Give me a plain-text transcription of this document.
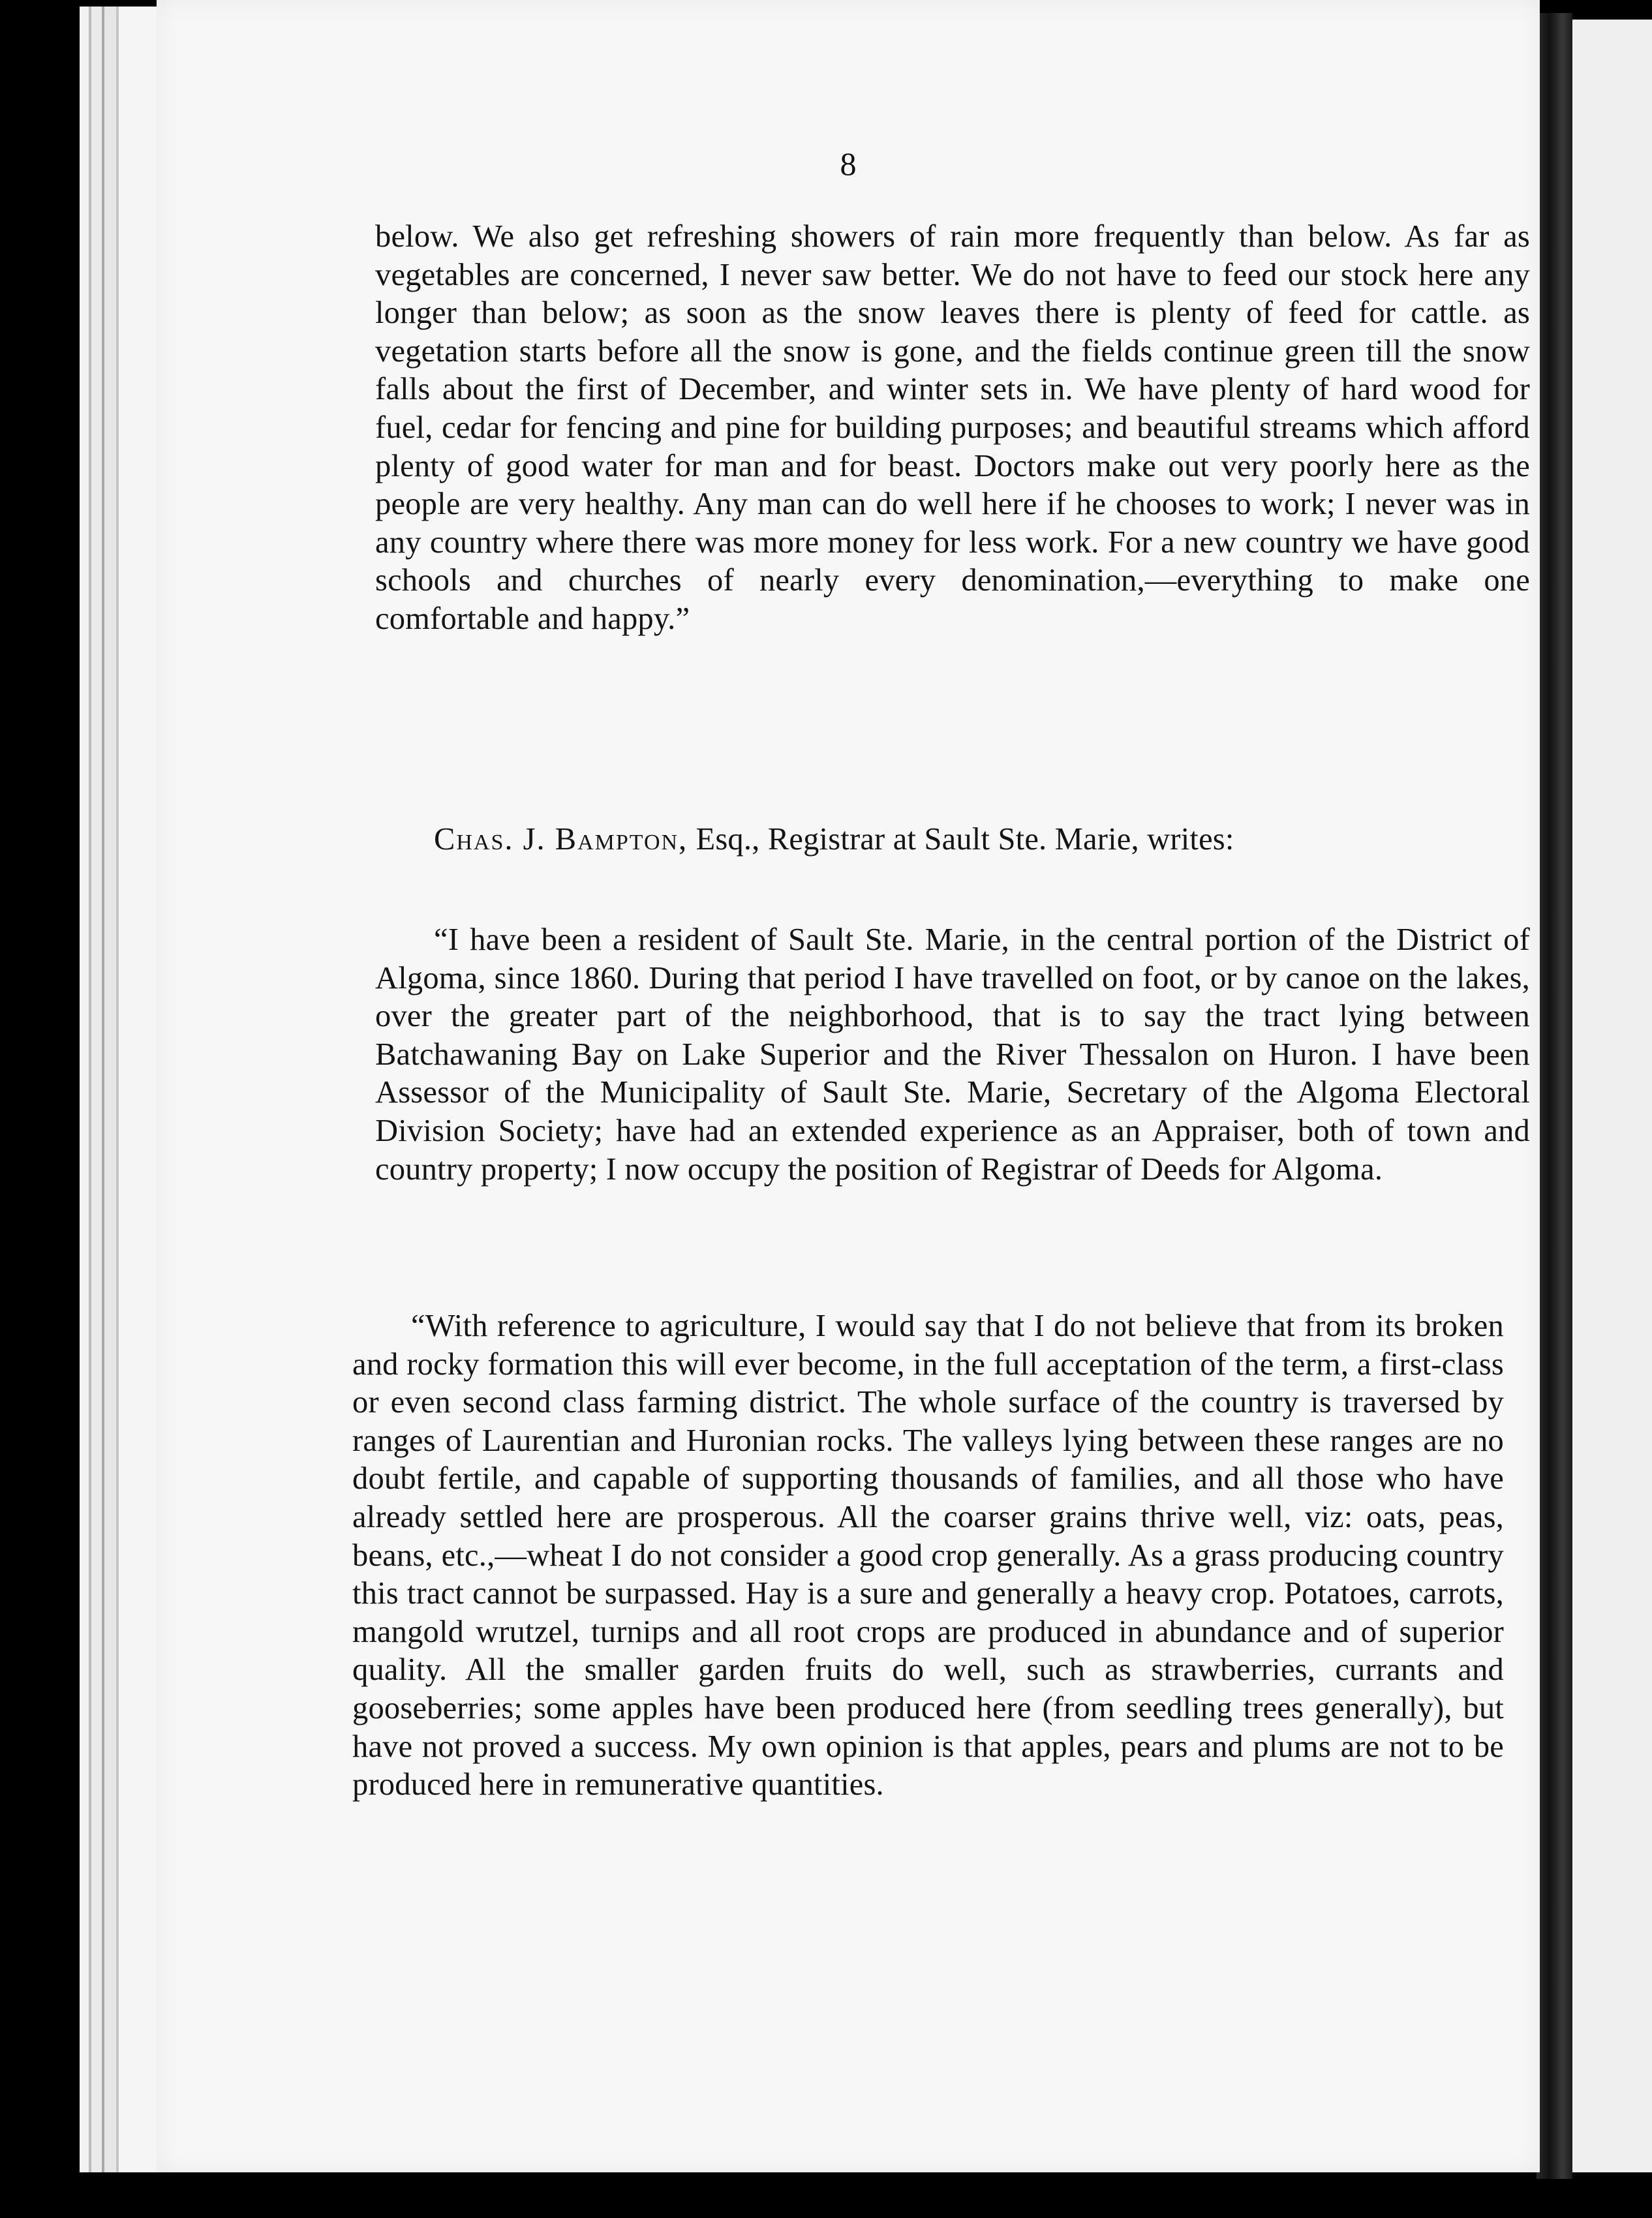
8

below. We also get refreshing showers of rain more frequently than below. As far as vegetables are concerned, I never saw better. We do not have to feed our stock here any longer than below; as soon as the snow leaves there is plenty of feed for cattle. as vegetation starts before all the snow is gone, and the fields continue green till the snow falls about the first of December, and winter sets in. We have plenty of hard wood for fuel, cedar for fencing and pine for building purposes; and beautiful streams which afford plenty of good water for man and for beast. Doctors make out very poorly here as the people are very healthy. Any man can do well here if he chooses to work; I never was in any country where there was more money for less work. For a new country we have good schools and churches of nearly every denomination,—everything to make one comfortable and happy.”

Chas. J. Bampton, Esq., Registrar at Sault Ste. Marie, writes:

“I have been a resident of Sault Ste. Marie, in the central portion of the District of Algoma, since 1860. During that period I have travelled on foot, or by canoe on the lakes, over the greater part of the neighborhood, that is to say the tract lying between Batchawaning Bay on Lake Superior and the River Thessalon on Huron. I have been Assessor of the Municipality of Sault Ste. Marie, Secretary of the Algoma Electoral Division Society; have had an extended experience as an Appraiser, both of town and country property; I now occupy the position of Registrar of Deeds for Algoma.

“With reference to agriculture, I would say that I do not believe that from its broken and rocky formation this will ever become, in the full acceptation of the term, a first-class or even second class farming district. The whole surface of the country is traversed by ranges of Laurentian and Huronian rocks. The valleys lying between these ranges are no doubt fertile, and capable of supporting thousands of families, and all those who have already settled here are prosperous. All the coarser grains thrive well, viz: oats, peas, beans, etc.,—wheat I do not consider a good crop generally. As a grass producing country this tract cannot be surpassed. Hay is a sure and generally a heavy crop. Potatoes, carrots, mangold wrutzel, turnips and all root crops are produced in abundance and of superior quality. All the smaller garden fruits do well, such as strawberries, currants and gooseberries; some apples have been produced here (from seedling trees generally), but have not proved a success. My own opinion is that apples, pears and plums are not to be produced here in remunerative quantities.
